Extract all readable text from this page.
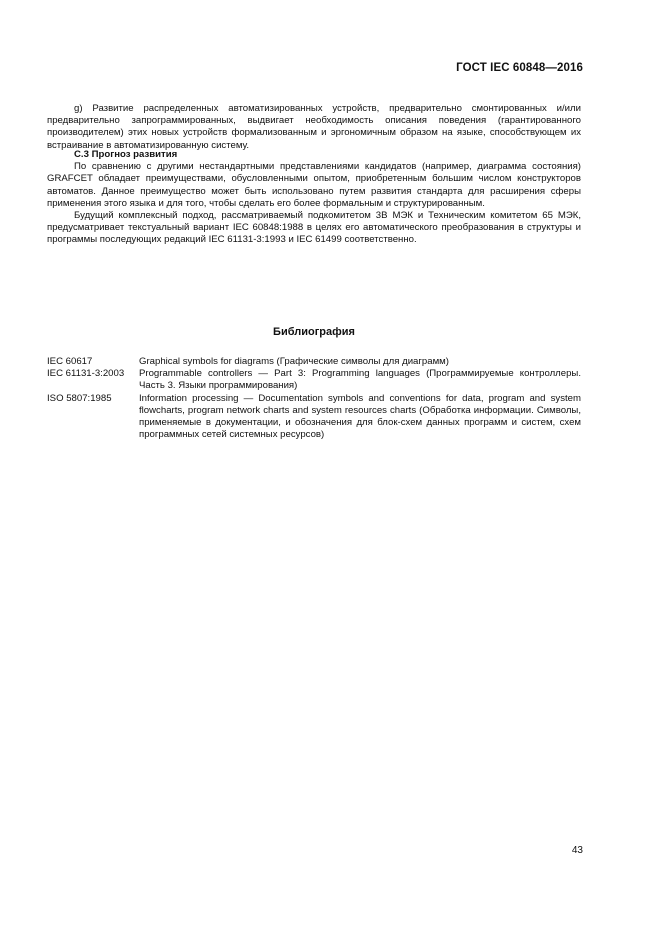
ГОСТ IEC 60848—2016

g) Развитие распределенных автоматизированных устройств, предварительно смонтированных и/или предварительно запрограммированных, выдвигает необходимость описания поведения (гарантированного производителем) этих новых устройств формализованным и эргономичным образом на языке, способствующем их встраивание в автоматизированную систему.

С.3 Прогноз развития

По сравнению с другими нестандартными представлениями кандидатов (например, диаграмма состояния) GRAFCET обладает преимуществами, обусловленными опытом, приобретенным большим числом конструкторов автоматов. Данное преимущество может быть использовано путем развития стандарта для расширения сферы применения этого языка и для того, чтобы сделать его более формальным и структурированным.

Будущий комплексный подход, рассматриваемый подкомитетом 3В МЭК и Техническим комитетом 65 МЭК, предусматривает текстуальный вариант IEC 60848:1988 в целях его автоматического преобразования в структуры и программы последующих редакций IEC 61131-3:1993 и IEC 61499 соответственно.

Библиография
IEC 60617	Graphical symbols for diagrams (Графические символы для диаграмм)
IEC 61131-3:2003	Programmable controllers — Part 3: Programming languages (Программируемые контроллеры. Часть 3. Языки программирования)
ISO 5807:1985	Information processing — Documentation symbols and conventions for data, program and system flowcharts, program network charts and system resources charts (Обработка информации. Символы, применяемые в документации, и обозначения для блок-схем данных программ и систем, схем программных сетей системных ресурсов)
43
